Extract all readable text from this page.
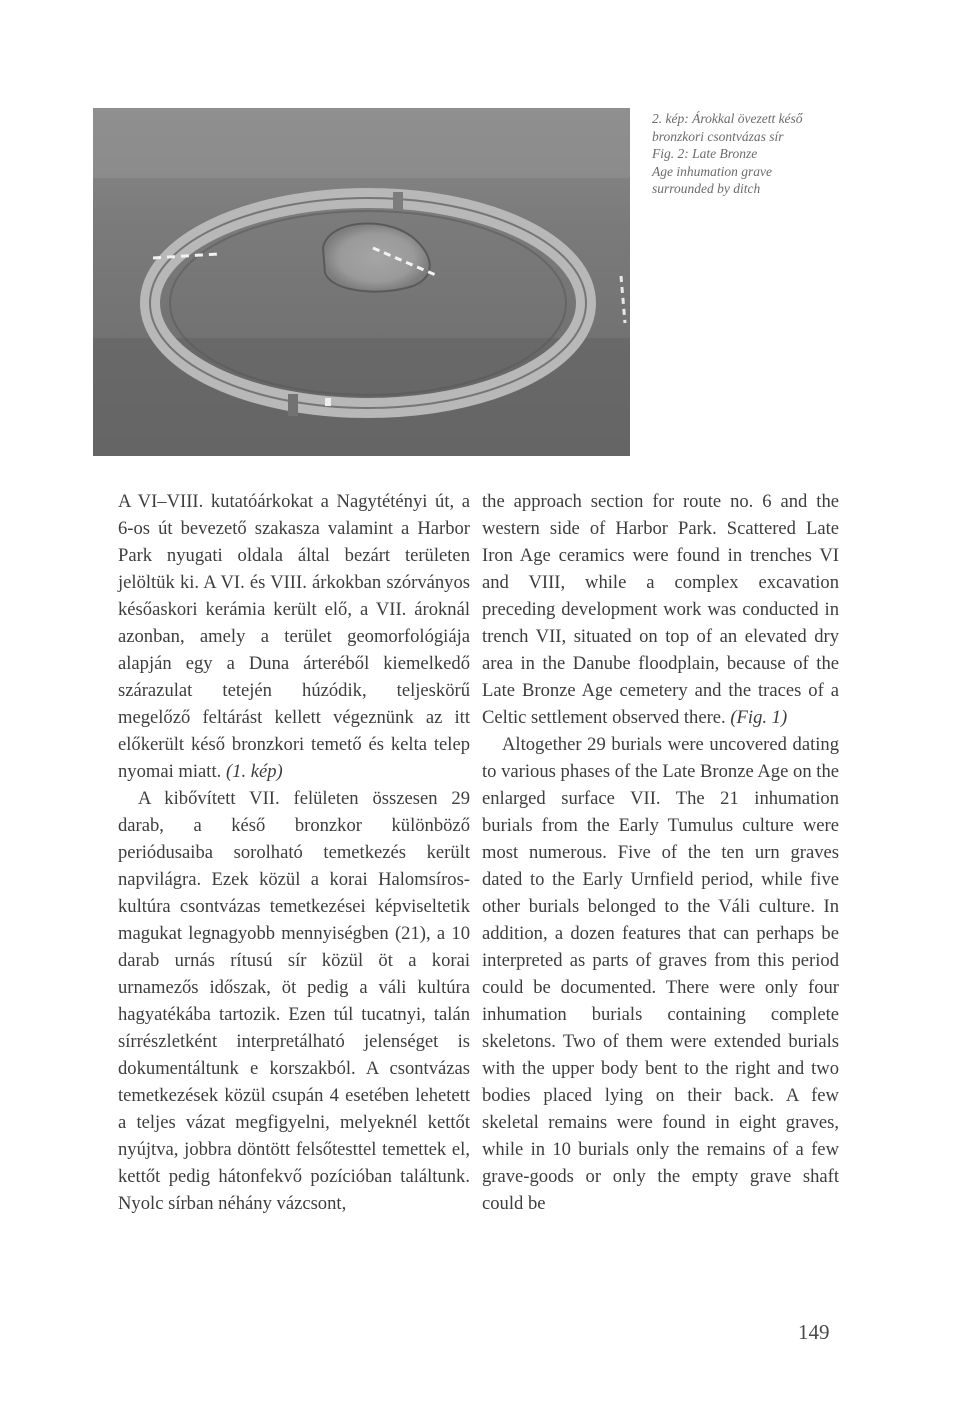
2. kép: Árokkal övezett késő
bronzkori csontvázas sír
Fig. 2: Late Bronze
Age inhumation grave
surrounded by ditch

A VI–VIII. kutatóárkokat a Nagytétényi út, a 6-os út bevezető szakasza valamint a Harbor Park nyugati oldala által bezárt területen jelöltük ki. A VI. és VIII. árkokban szórványos későaskori kerámia került elő, a VII. ároknál azonban, amely a terület geomorfológiája alapján egy a Duna árteréből kiemelkedő szárazulat tetején húzódik, teljeskörű megelőző feltárást kellett végeznünk az itt előkerült késő bronzkori temető és kelta telep nyomai miatt. (1. kép)

A kibővített VII. felületen összesen 29 darab, a késő bronzkor különböző periódusaiba sorolható temetkezés került napvilágra. Ezek közül a korai Halomsíros-kultúra csontvázas temetkezései képviseltetik magukat legnagyobb mennyiségben (21), a 10 darab urnás rítusú sír közül öt a korai urnamezős időszak, öt pedig a váli kultúra hagyatékába tartozik. Ezen túl tucatnyi, talán sírrészletként interpretálható jelenséget is dokumentáltunk e korszakból. A csontvázas temetkezések közül csupán 4 esetében lehetett a teljes vázat megfigyelni, melyeknél kettőt nyújtva, jobbra döntött felsőtesttel temettek el, kettőt pedig hátonfekvő pozícióban találtunk. Nyolc sírban néhány vázcsont,

the approach section for route no. 6 and the western side of Harbor Park. Scattered Late Iron Age ceramics were found in trenches VI and VIII, while a complex excavation preceding development work was conducted in trench VII, situated on top of an elevated dry area in the Danube floodplain, because of the Late Bronze Age cemetery and the traces of a Celtic settlement observed there. (Fig. 1)

Altogether 29 burials were uncovered dating to various phases of the Late Bronze Age on the enlarged surface VII. The 21 inhumation burials from the Early Tumulus culture were most numerous. Five of the ten urn graves dated to the Early Urnfield period, while five other burials belonged to the Váli culture. In addition, a dozen features that can perhaps be interpreted as parts of graves from this period could be documented. There were only four inhumation burials containing complete skeletons. Two of them were extended burials with the upper body bent to the right and two bodies placed lying on their back. A few skeletal remains were found in eight graves, while in 10 burials only the remains of a few grave-goods or only the empty grave shaft could be

149
